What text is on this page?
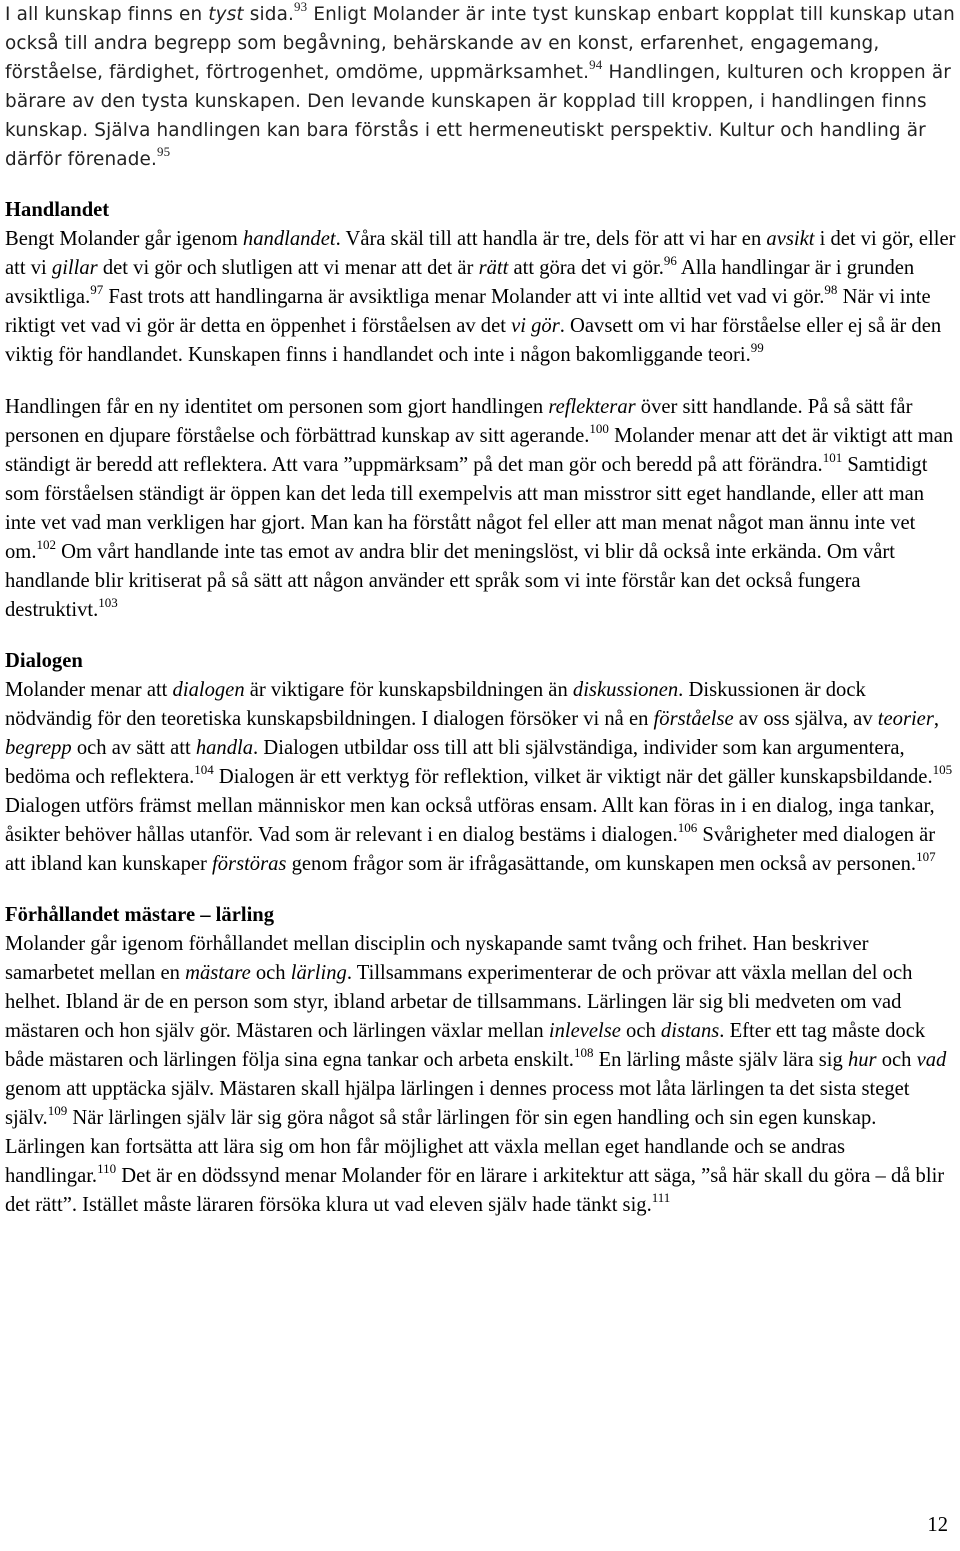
I all kunskap finns en tyst sida.$^{93}$ Enligt Molander är inte tyst kunskap enbart kopplat till kunskap utan också till andra begrepp som begåvning, behärskande av en konst, erfarenhet, engagemang, förståelse, färdighet, förtrogenhet, omdöme, uppmärksamhet.$^{94}$ Handlingen, kulturen och kroppen är bärare av den tysta kunskapen. Den levande kunskapen är kopplad till kroppen, i handlingen finns kunskap. Själva handlingen kan bara förstås i ett hermeneutiskt perspektiv. Kultur och handling är därför förenade.$^{95}$

Handlandet

Bengt Molander går igenom handlandet. Våra skäl till att handla är tre, dels för att vi har en avsikt i det vi gör, eller att vi gillar det vi gör och slutligen att vi menar att det är rätt att göra det vi gör.$^{96}$ Alla handlingar är i grunden avsiktliga.$^{97}$ Fast trots att handlingarna är avsiktliga menar Molander att vi inte alltid vet vad vi gör.$^{98}$ När vi inte riktigt vet vad vi gör är detta en öppenhet i förståelsen av det vi gör. Oavsett om vi har förståelse eller ej så är den viktig för handlandet. Kunskapen finns i handlandet och inte i någon bakomliggande teori.$^{99}$

Handlingen får en ny identitet om personen som gjort handlingen reflekterar över sitt handlande. På så sätt får personen en djupare förståelse och förbättrad kunskap av sitt agerande.$^{100}$ Molander menar att det är viktigt att man ständigt är beredd att reflektera. Att vara ”uppmärksam” på det man gör och beredd på att förändra.$^{101}$ Samtidigt som förståelsen ständigt är öppen kan det leda till exempelvis att man misstror sitt eget handlande, eller att man inte vet vad man verkligen har gjort. Man kan ha förstått något fel eller att man menat något man ännu inte vet om.$^{102}$ Om vårt handlande inte tas emot av andra blir det meningslöst, vi blir då också inte erkända. Om vårt handlande blir kritiserat på så sätt att någon använder ett språk som vi inte förstår kan det också fungera destruktivt.$^{103}$

Dialogen

Molander menar att dialogen är viktigare för kunskapsbildningen än diskussionen. Diskussionen är dock nödvändig för den teoretiska kunskapsbildningen. I dialogen försöker vi nå en förståelse av oss själva, av teorier, begrepp och av sätt att handla. Dialogen utbildar oss till att bli självständiga, individer som kan argumentera, bedöma och reflektera.$^{104}$ Dialogen är ett verktyg för reflektion, vilket är viktigt när det gäller kunskapsbildande.$^{105}$ Dialogen utförs främst mellan människor men kan också utföras ensam. Allt kan föras in i en dialog, inga tankar, åsikter behöver hållas utanför. Vad som är relevant i en dialog bestäms i dialogen.$^{106}$ Svårigheter med dialogen är att ibland kan kunskaper förstöras genom frågor som är ifrågasättande, om kunskapen men också av personen.$^{107}$

Förhållandet mästare – lärling

Molander går igenom förhållandet mellan disciplin och nyskapande samt tvång och frihet. Han beskriver samarbetet mellan en mästare och lärling. Tillsammans experimenterar de och prövar att växla mellan del och helhet. Ibland är de en person som styr, ibland arbetar de tillsammans. Lärlingen lär sig bli medveten om vad mästaren och hon själv gör. Mästaren och lärlingen växlar mellan inlevelse och distans. Efter ett tag måste dock både mästaren och lärlingen följa sina egna tankar och arbeta enskilt.$^{108}$ En lärling måste själv lära sig hur och vad genom att upptäcka själv. Mästaren skall hjälpa lärlingen i dennes process mot låta lärlingen ta det sista steget själv.$^{109}$ När lärlingen själv lär sig göra något så står lärlingen för sin egen handling och sin egen kunskap. Lärlingen kan fortsätta att lära sig om hon får möjlighet att växla mellan eget handlande och se andras handlingar.$^{110}$ Det är en dödssynd menar Molander för en lärare i arkitektur att säga, ”så här skall du göra – då blir det rätt”. Istället måste läraren försöka klura ut vad eleven själv hade tänkt sig.$^{111}$

12
